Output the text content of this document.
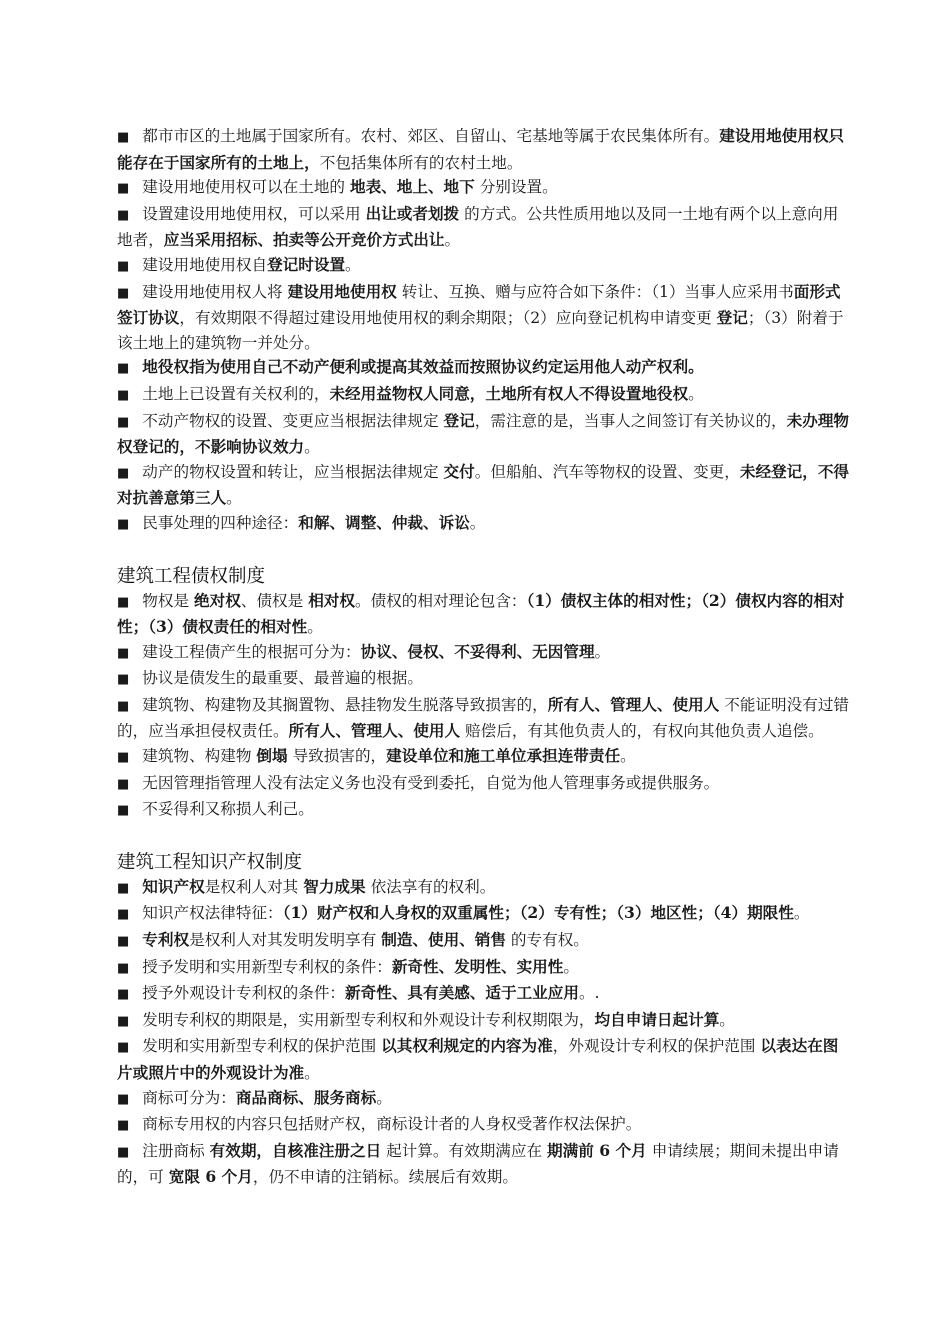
■ 都市市区的土地属于国家所有。农村、郊区、自留山、宅基地等属于农民集体所有。建设用地使用权只能存在于国家所有的土地上，不包括集体所有的农村土地。
■ 建设用地使用权可以在土地的 地表、地上、地下 分别设置。
■ 设置建设用地使用权，可以采用 出让或者划拨 的方式。公共性质用地以及同一土地有两个以上意向用地者，应当采用招标、拍卖等公开竞价方式出让。
■ 建设用地使用权自登记时设置。
■ 建设用地使用权人将 建设用地使用权 转让、互换、赠与应符合如下条件：（1）当事人应采用书面形式签订协议，有效期限不得超过建设用地使用权的剩余期限；（2）应向登记机构申请变更 登记；（3）附着于该土地上的建筑物一并处分。
■ 地役权指为使用自己不动产便利或提高其效益而按照协议约定运用他人动产权利。
■ 土地上已设置有关权利的，未经用益物权人同意，土地所有权人不得设置地役权。
■ 不动产物权的设置、变更应当根据法律规定 登记，需注意的是，当事人之间签订有关协议的，未办理物权登记的，不影响协议效力。
■ 动产的物权设置和转让，应当根据法律规定 交付。但船舶、汽车等物权的设置、变更，未经登记，不得对抗善意第三人。
■ 民事处理的四种途径：和解、调整、仲裁、诉讼。
建筑工程债权制度
■ 物权是 绝对权、债权是 相对权。债权的相对理论包含：（1）债权主体的相对性；（2）债权内容的相对性；（3）债权责任的相对性。
■ 建设工程债产生的根据可分为：协议、侵权、不妥得利、无因管理。
■ 协议是债发生的最重要、最普遍的根据。
■ 建筑物、构建物及其搁置物、悬挂物发生脱落导致损害的，所有人、管理人、使用人 不能证明没有过错的，应当承担侵权责任。所有人、管理人、使用人 赔偿后，有其他负责人的，有权向其他负责人追偿。
■ 建筑物、构建物 倒塌 导致损害的，建设单位和施工单位承担连带责任。
■ 无因管理指管理人没有法定义务也没有受到委托，自觉为他人管理事务或提供服务。
■ 不妥得利又称损人利己。
建筑工程知识产权制度
■ 知识产权是权利人对其 智力成果 依法享有的权利。
■ 知识产权法律特征：（1）财产权和人身权的双重属性；（2）专有性；（3）地区性；（4）期限性。
■ 专利权是权利人对其发明发明享有 制造、使用、销售 的专有权。
■ 授予发明和实用新型专利权的条件：新奇性、发明性、实用性。
■ 授予外观设计专利权的条件：新奇性、具有美感、适于工业应用。.
■ 发明专利权的期限是，实用新型专利权和外观设计专利权期限为，均自申请日起计算。
■ 发明和实用新型专利权的保护范围 以其权利规定的内容为准，外观设计专利权的保护范围 以表达在图片或照片中的外观设计为准。
■ 商标可分为：商品商标、服务商标。
■ 商标专用权的内容只包括财产权，商标设计者的人身权受著作权法保护。
■ 注册商标 有效期，自核准注册之日 起计算。有效期满应在 期满前 6 个月 申请续展；期间未提出申请的，可 宽限 6 个月，仍不申请的注销标。续展后有效期。
